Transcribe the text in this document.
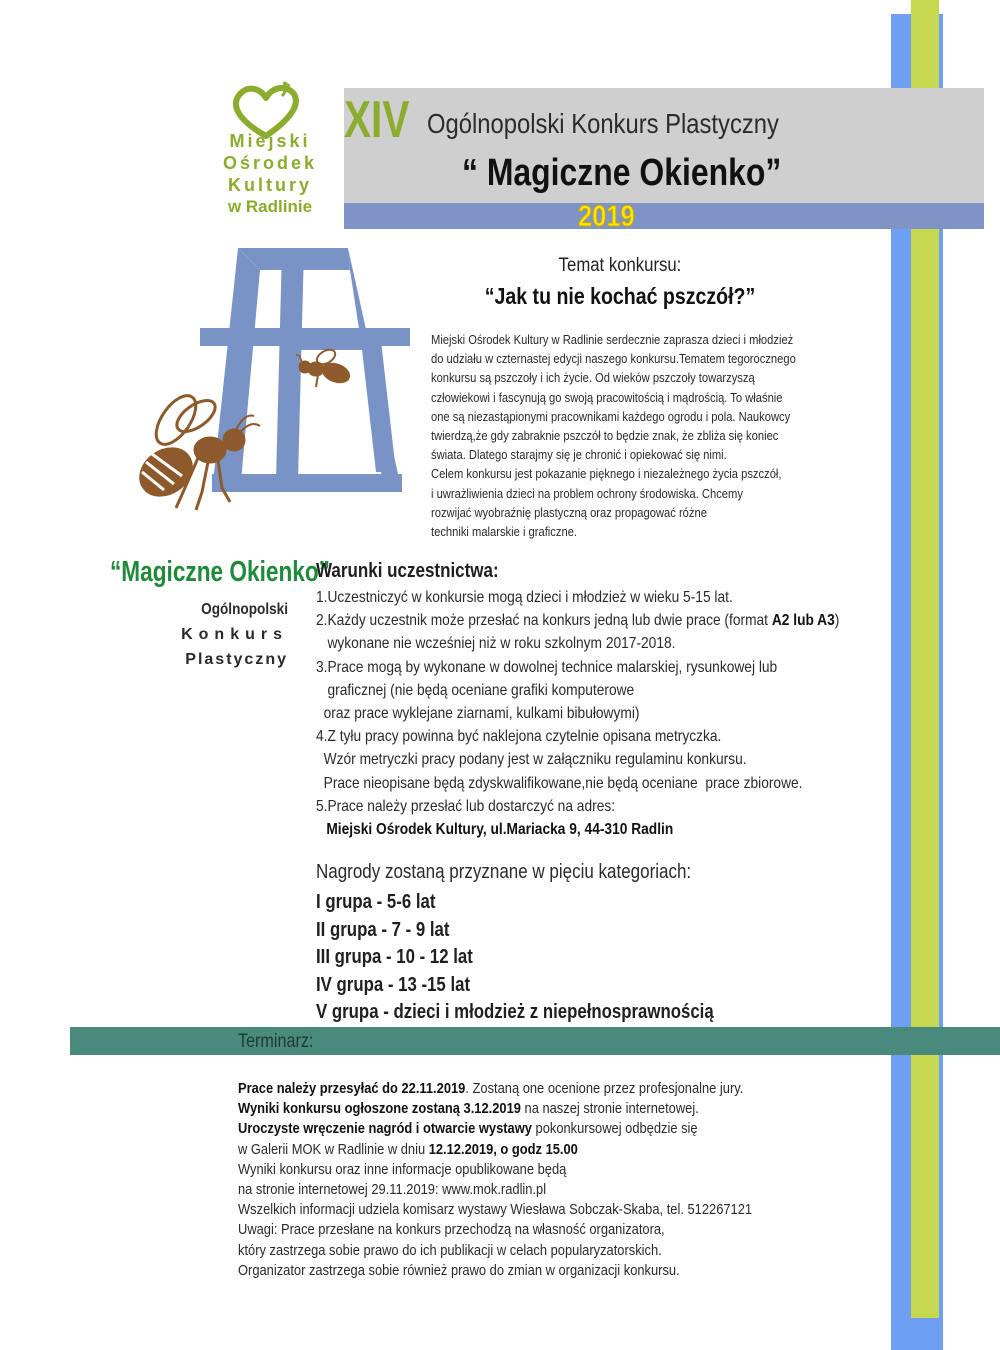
Miejski
Ośrodek
Kultury
w Radlinie
XIV Ogólnopolski Konkurs Plastyczny
“ Magiczne Okienko”
2019
Temat konkursu:
“Jak tu nie kochać pszczół?”
Miejski Ośrodek Kultury w Radlinie serdecznie zaprasza dzieci i młodzież
do udziału w czternastej edycji naszego konkursu.Tematem tegorocznego
konkursu są pszczoły i ich życie. Od wieków pszczoły towarzyszą
człowiekowi i fascynują go swoją pracowitością i mądrością. To właśnie
one są niezastąpionymi pracownikami każdego ogrodu i pola. Naukowcy
twierdzą,że gdy zabraknie pszczół to będzie znak, że zbliża się koniec
świata. Dlatego starajmy się je chronić i opiekować się nimi.
Celem konkursu jest pokazanie pięknego i niezależnego życia pszczół,
i uwrażliwienia dzieci na problem ochrony środowiska. Chcemy
rozwijać wyobraźnię plastyczną oraz propagować różne
techniki malarskie i graficzne.
“Magiczne Okienko”
Ogólnopolski
Konkurs
Plastyczny
Warunki uczestnictwa:
1.Uczestniczyć w konkursie mogą dzieci i młodzież w wieku 5-15 lat.
2.Każdy uczestnik może przesłać na konkurs jedną lub dwie prace (format A2 lub A3)
wykonane nie wcześniej niż w roku szkolnym 2017-2018.
3.Prace mogą by wykonane w dowolnej technice malarskiej, rysunkowej lub
graficznej (nie będą oceniane grafiki komputerowe
oraz prace wyklejane ziarnami, kulkami bibułowymi)
4.Z tyłu pracy powinna być naklejona czytelnie opisana metryczka.
Wzór metryczki pracy podany jest w załączniku regulaminu konkursu.
Prace nieopisane będą zdyskwalifikowane,nie będą oceniane  prace zbiorowe.
5.Prace należy przesłać lub dostarczyć na adres:
Miejski Ośrodek Kultury, ul.Mariacka 9, 44-310 Radlin
Nagrody zostaną przyznane w pięciu kategoriach:
I grupa - 5-6 lat
II grupa - 7 - 9 lat
III grupa - 10 - 12 lat
IV grupa - 13 -15 lat
V grupa - dzieci i młodzież z niepełnosprawnością
Terminarz:
Prace należy przesyłać do 22.11.2019. Zostaną one ocenione przez profesjonalne jury.
Wyniki konkursu ogłoszone zostaną 3.12.2019 na naszej stronie internetowej.
Uroczyste wręczenie nagród i otwarcie wystawy pokonkursowej odbędzie się
w Galerii MOK w Radlinie w dniu 12.12.2019, o godz 15.00
Wyniki konkursu oraz inne informacje opublikowane będą
na stronie internetowej 29.11.2019: www.mok.radlin.pl
Wszelkich informacji udziela komisarz wystawy Wiesława Sobczak-Skaba, tel. 512267121
Uwagi: Prace przesłane na konkurs przechodzą na własność organizatora,
który zastrzega sobie prawo do ich publikacji w celach popularyzatorskich.
Organizator zastrzega sobie również prawo do zmian w organizacji konkursu.
